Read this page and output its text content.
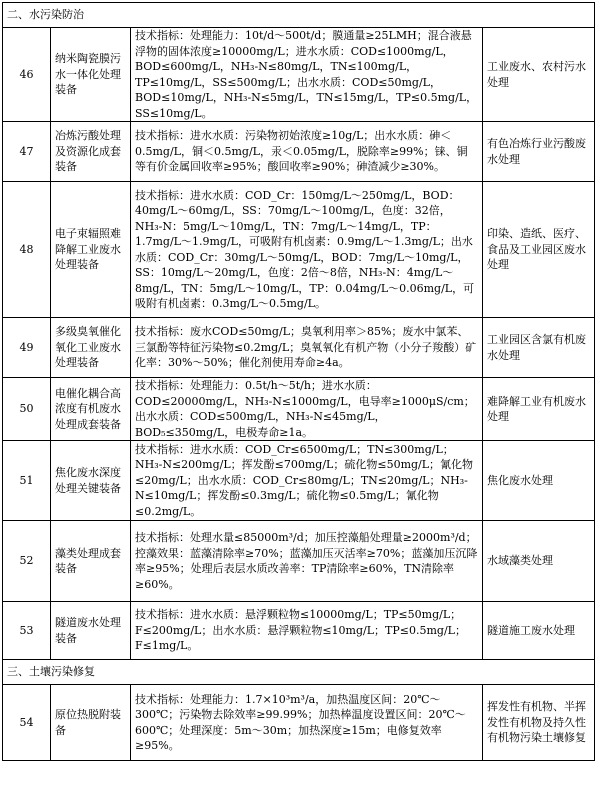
二、水污染防治			
46	纳米陶瓷膜污水一体化处理装备	技术指标：处理能力：10t/d～500t/d；膜通量≥25LMH；混合液悬浮物的固体浓度≥10000mg/L；进水水质：COD≤1000mg/L，BOD≤600mg/L，NH₃-N≤80mg/L，TN≤100mg/L，TP≤10mg/L，SS≤500mg/L；出水水质：COD≤50mg/L，BOD≤10mg/L，NH₃-N≤5mg/L，TN≤15mg/L，TP≤0.5mg/L，SS≤10mg/L。	工业废水、农村污水处理
47	冶炼污酸处理及资源化成套装备	技术指标：进水水质：污染物初始浓度≥10g/L；出水水质：砷＜0.5mg/L，铜＜0.5mg/L，汞＜0.05mg/L，脱除率≥99%；铼、铜等有价金属回收率≥95%；酸回收率≥90%；砷渣减少≥30%。	有色冶炼行业污酸废水处理
48	电子束辐照难降解工业废水处理装备	技术指标：进水水质：COD_Cr：150mg/L～250mg/L，BOD：40mg/L～60mg/L，SS：70mg/L～100mg/L，色度：32倍，NH₃-N：5mg/L～10mg/L，TN：7mg/L～14mg/L，TP：1.7mg/L～1.9mg/L，可吸附有机卤素：0.9mg/L～1.3mg/L；出水水质：COD_Cr：30mg/L～50mg/L，BOD：7mg/L～10mg/L，SS：10mg/L～20mg/L，色度：2倍～8倍，NH₃-N：4mg/L～8mg/L，TN：5mg/L～10mg/L，TP：0.04mg/L～0.06mg/L，可吸附有机卤素：0.3mg/L～0.5mg/L。	印染、造纸、医疗、食品及工业园区废水处理
49	多级臭氧催化氧化工业废水处理装备	技术指标：废水COD≤50mg/L；臭氧利用率＞85%；废水中氯苯、三氯酚等特征污染物≤0.2mg/L；臭氧氧化有机产物（小分子羧酸）矿化率：30%～50%；催化剂使用寿命≥4a。	工业园区含氯有机废水处理
50	电催化耦合高浓度有机废水处理成套装备	技术指标：处理能力：0.5t/h～5t/h；进水水质：COD≤20000mg/L，NH₃-N≤1000mg/L，电导率≥1000μS/cm；出水水质：COD≤500mg/L，NH₃-N≤45mg/L，BOD₅≤350mg/L，电极寿命≥1a。	难降解工业有机废水处理
51	焦化废水深度处理关键装备	技术指标：进水水质：COD_Cr≤6500mg/L；TN≤300mg/L；NH₃-N≤200mg/L；挥发酚≤700mg/L；硫化物≤50mg/L；氰化物≤20mg/L；出水水质：COD_Cr≤80mg/L；TN≤20mg/L；NH₃-N≤10mg/L；挥发酚≤0.3mg/L；硫化物≤0.5mg/L；氰化物≤0.2mg/L。	焦化废水处理
52	藻类处理成套装备	技术指标：处理水量≤85000m³/d；加压控藻船处理量≥2000m³/d；控藻效果：蓝藻清除率≥70%；蓝藻加压灭活率≥70%；蓝藻加压沉降率≥95%；处理后表层水质改善率：TP清除率≥60%，TN清除率≥60%。	水域藻类处理
53	隧道废水处理装备	技术指标：进水水质：悬浮颗粒物≤10000mg/L；TP≤50mg/L；F≤200mg/L；出水水质：悬浮颗粒物≤10mg/L；TP≤0.5mg/L；F≤1mg/L。	隧道施工废水处理
三、土壤污染修复			
54	原位热脱附装备	技术指标：处理能力：1.7×10³m³/a，加热温度区间：20℃～300℃；污染物去除效率≥99.99%；加热棒温度设置区间：20℃～600℃；处理深度：5m～30m；加热深度≥15m；电修复效率≥95%。	挥发性有机物、半挥发性有机物及持久性有机物污染土壤修复
